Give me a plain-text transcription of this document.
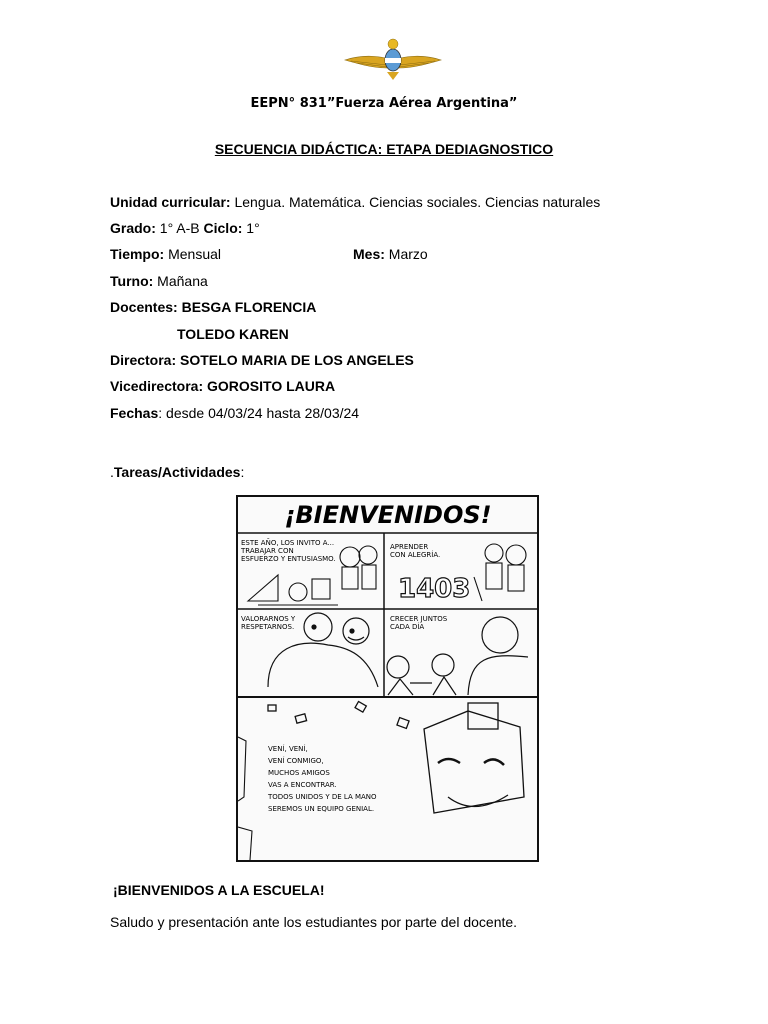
EEPN° 831”Fuerza Aérea Argentina”
SECUENCIA DIDÁCTICA: ETAPA DEDIAGNOSTICO
Unidad curricular: Lengua. Matemática. Ciencias sociales. Ciencias naturales
Grado: 1° A-B Ciclo: 1°
Tiempo: Mensual	Mes: Marzo
Turno: Mañana
Docentes: BESGA FLORENCIA
TOLEDO KAREN
Directora: SOTELO MARIA DE LOS ANGELES
Vicedirectora: GOROSITO LAURA
Fechas: desde 04/03/24 hasta 28/03/24
.Tareas/Actividades:
¡BIENVENIDOS!
ESTE AÑO, LOS INVITO A...
TRABAJAR CON
ESFUERZO Y ENTUSIASMO.
APRENDER
CON ALEGRÍA.
1403
VALORARNOS Y
RESPETARNOS.
CRECER JUNTOS
CADA DÍA
VENÍ, VENÍ,
VENÍ CONMIGO,
MUCHOS AMIGOS
VAS A ENCONTRAR.
TODOS UNIDOS Y DE LA MANO
SEREMOS UN EQUIPO GENIAL.
¡BIENVENIDOS A LA ESCUELA!
Saludo y presentación ante los estudiantes por parte del docente.
